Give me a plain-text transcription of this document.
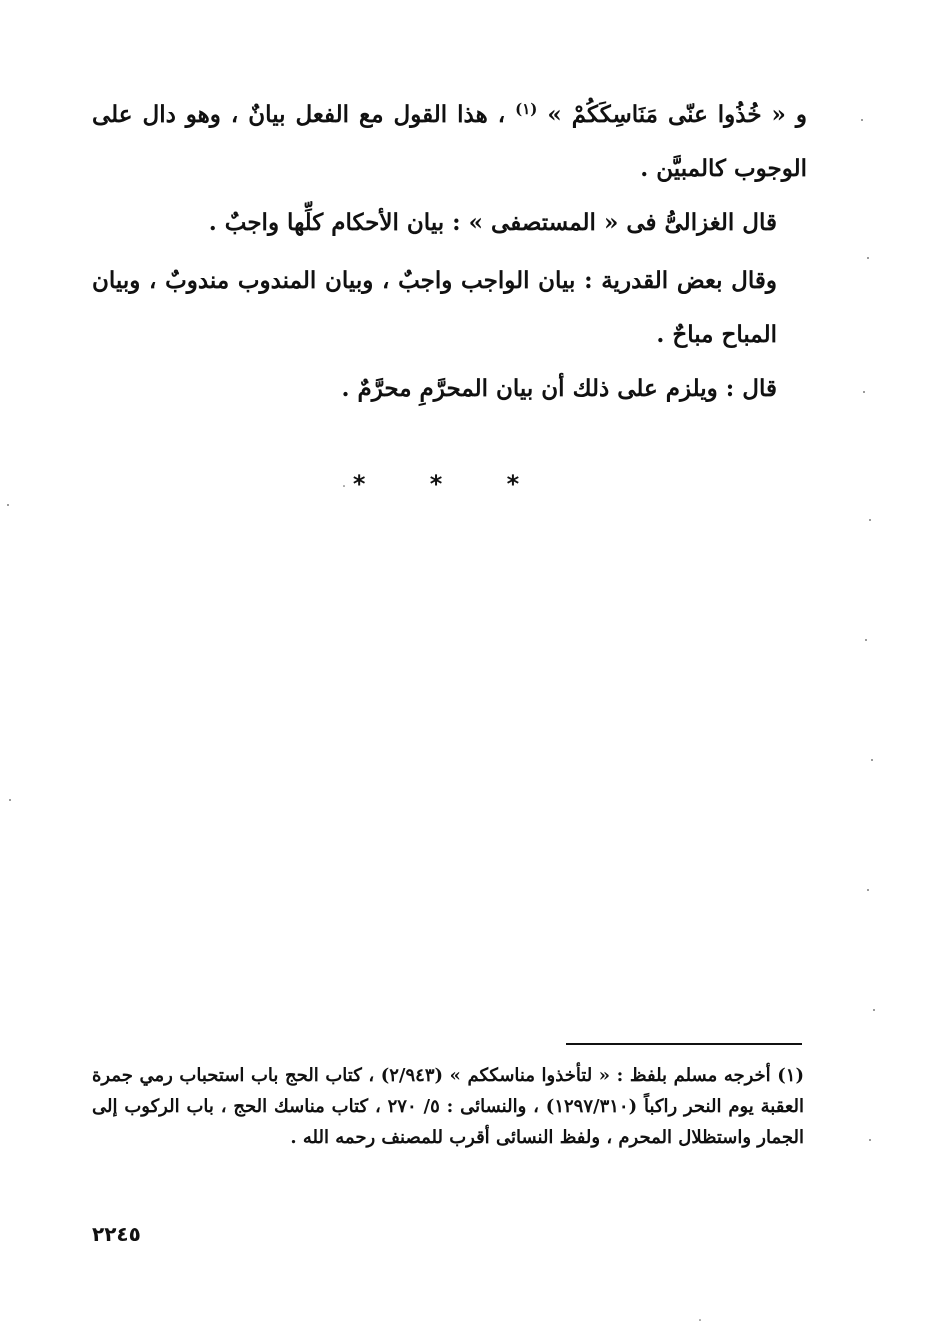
و « خُذُوا عنّى مَنَاسِكَكُمْ » $^{(١)}$ ، هذا القول مع الفعل بيانٌ ، وهو دال على الوجوب كالمبيَّن .

قال الغزالىُّ فى « المستصفى » : بيان الأحكام كلِّها واجبٌ .

وقال بعض القدرية : بيان الواجب واجبٌ ، وبيان المندوب مندوبٌ ، وبيان المباح مباحٌ .

قال : ويلزم على ذلك أن بيان المحرَّمِ محرَّمٌ .

* * *

(١) أخرجه مسلم بلفظ : « لتأخذوا مناسككم » (٢/٩٤٣) ، كتاب الحج باب استحباب رمي جمرة العقبة يوم النحر راكباً (١٢٩٧/٣١٠) ، والنسائى : ٥/ ٢٧٠ ، كتاب مناسك الحج ، باب الركوب إلى الجمار واستظلال المحرم ، ولفظ النسائى أقرب للمصنف رحمه الله .

٢٢٤٥
